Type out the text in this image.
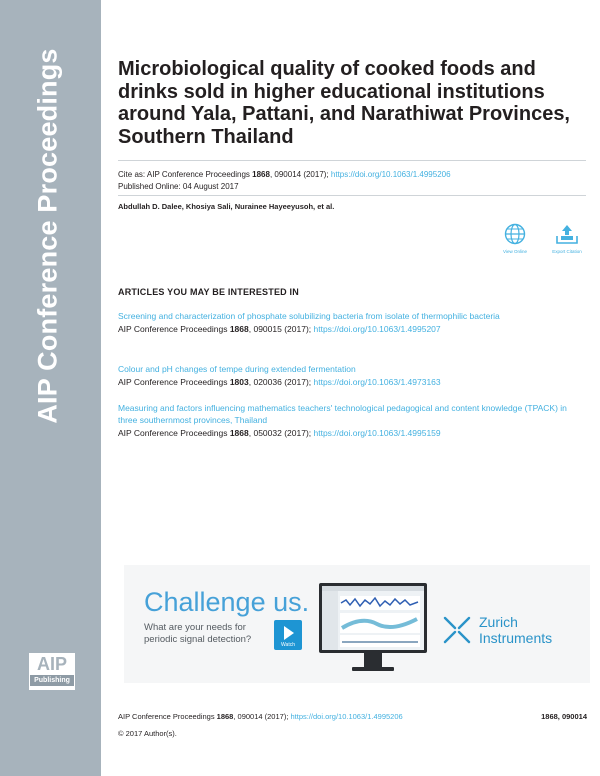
AIP Conference Proceedings
AIP
Publishing
Microbiological quality of cooked foods and drinks sold in higher educational institutions around Yala, Pattani, and Narathiwat Provinces, Southern Thailand
Cite as: AIP Conference Proceedings 1868, 090014 (2017); https://doi.org/10.1063/1.4995206
Published Online: 04 August 2017
Abdullah D. Dalee, Khosiya Sali, Nurainee Hayeeyusoh, et al.
View Online	Export Citation
ARTICLES YOU MAY BE INTERESTED IN
Screening and characterization of phosphate solubilizing bacteria from isolate of thermophilic bacteria
AIP Conference Proceedings 1868, 090015 (2017); https://doi.org/10.1063/1.4995207
Colour and pH changes of tempe during extended fermentation
AIP Conference Proceedings 1803, 020036 (2017); https://doi.org/10.1063/1.4973163
Measuring and factors influencing mathematics teachers' technological pedagogical and content knowledge (TPACK) in three southernmost provinces, Thailand
AIP Conference Proceedings 1868, 050032 (2017); https://doi.org/10.1063/1.4995159
Challenge us.
What are your needs for
periodic signal detection?	Watch
Zurich
Instruments
AIP Conference Proceedings 1868, 090014 (2017); https://doi.org/10.1063/1.4995206	1868, 090014
© 2017 Author(s).
